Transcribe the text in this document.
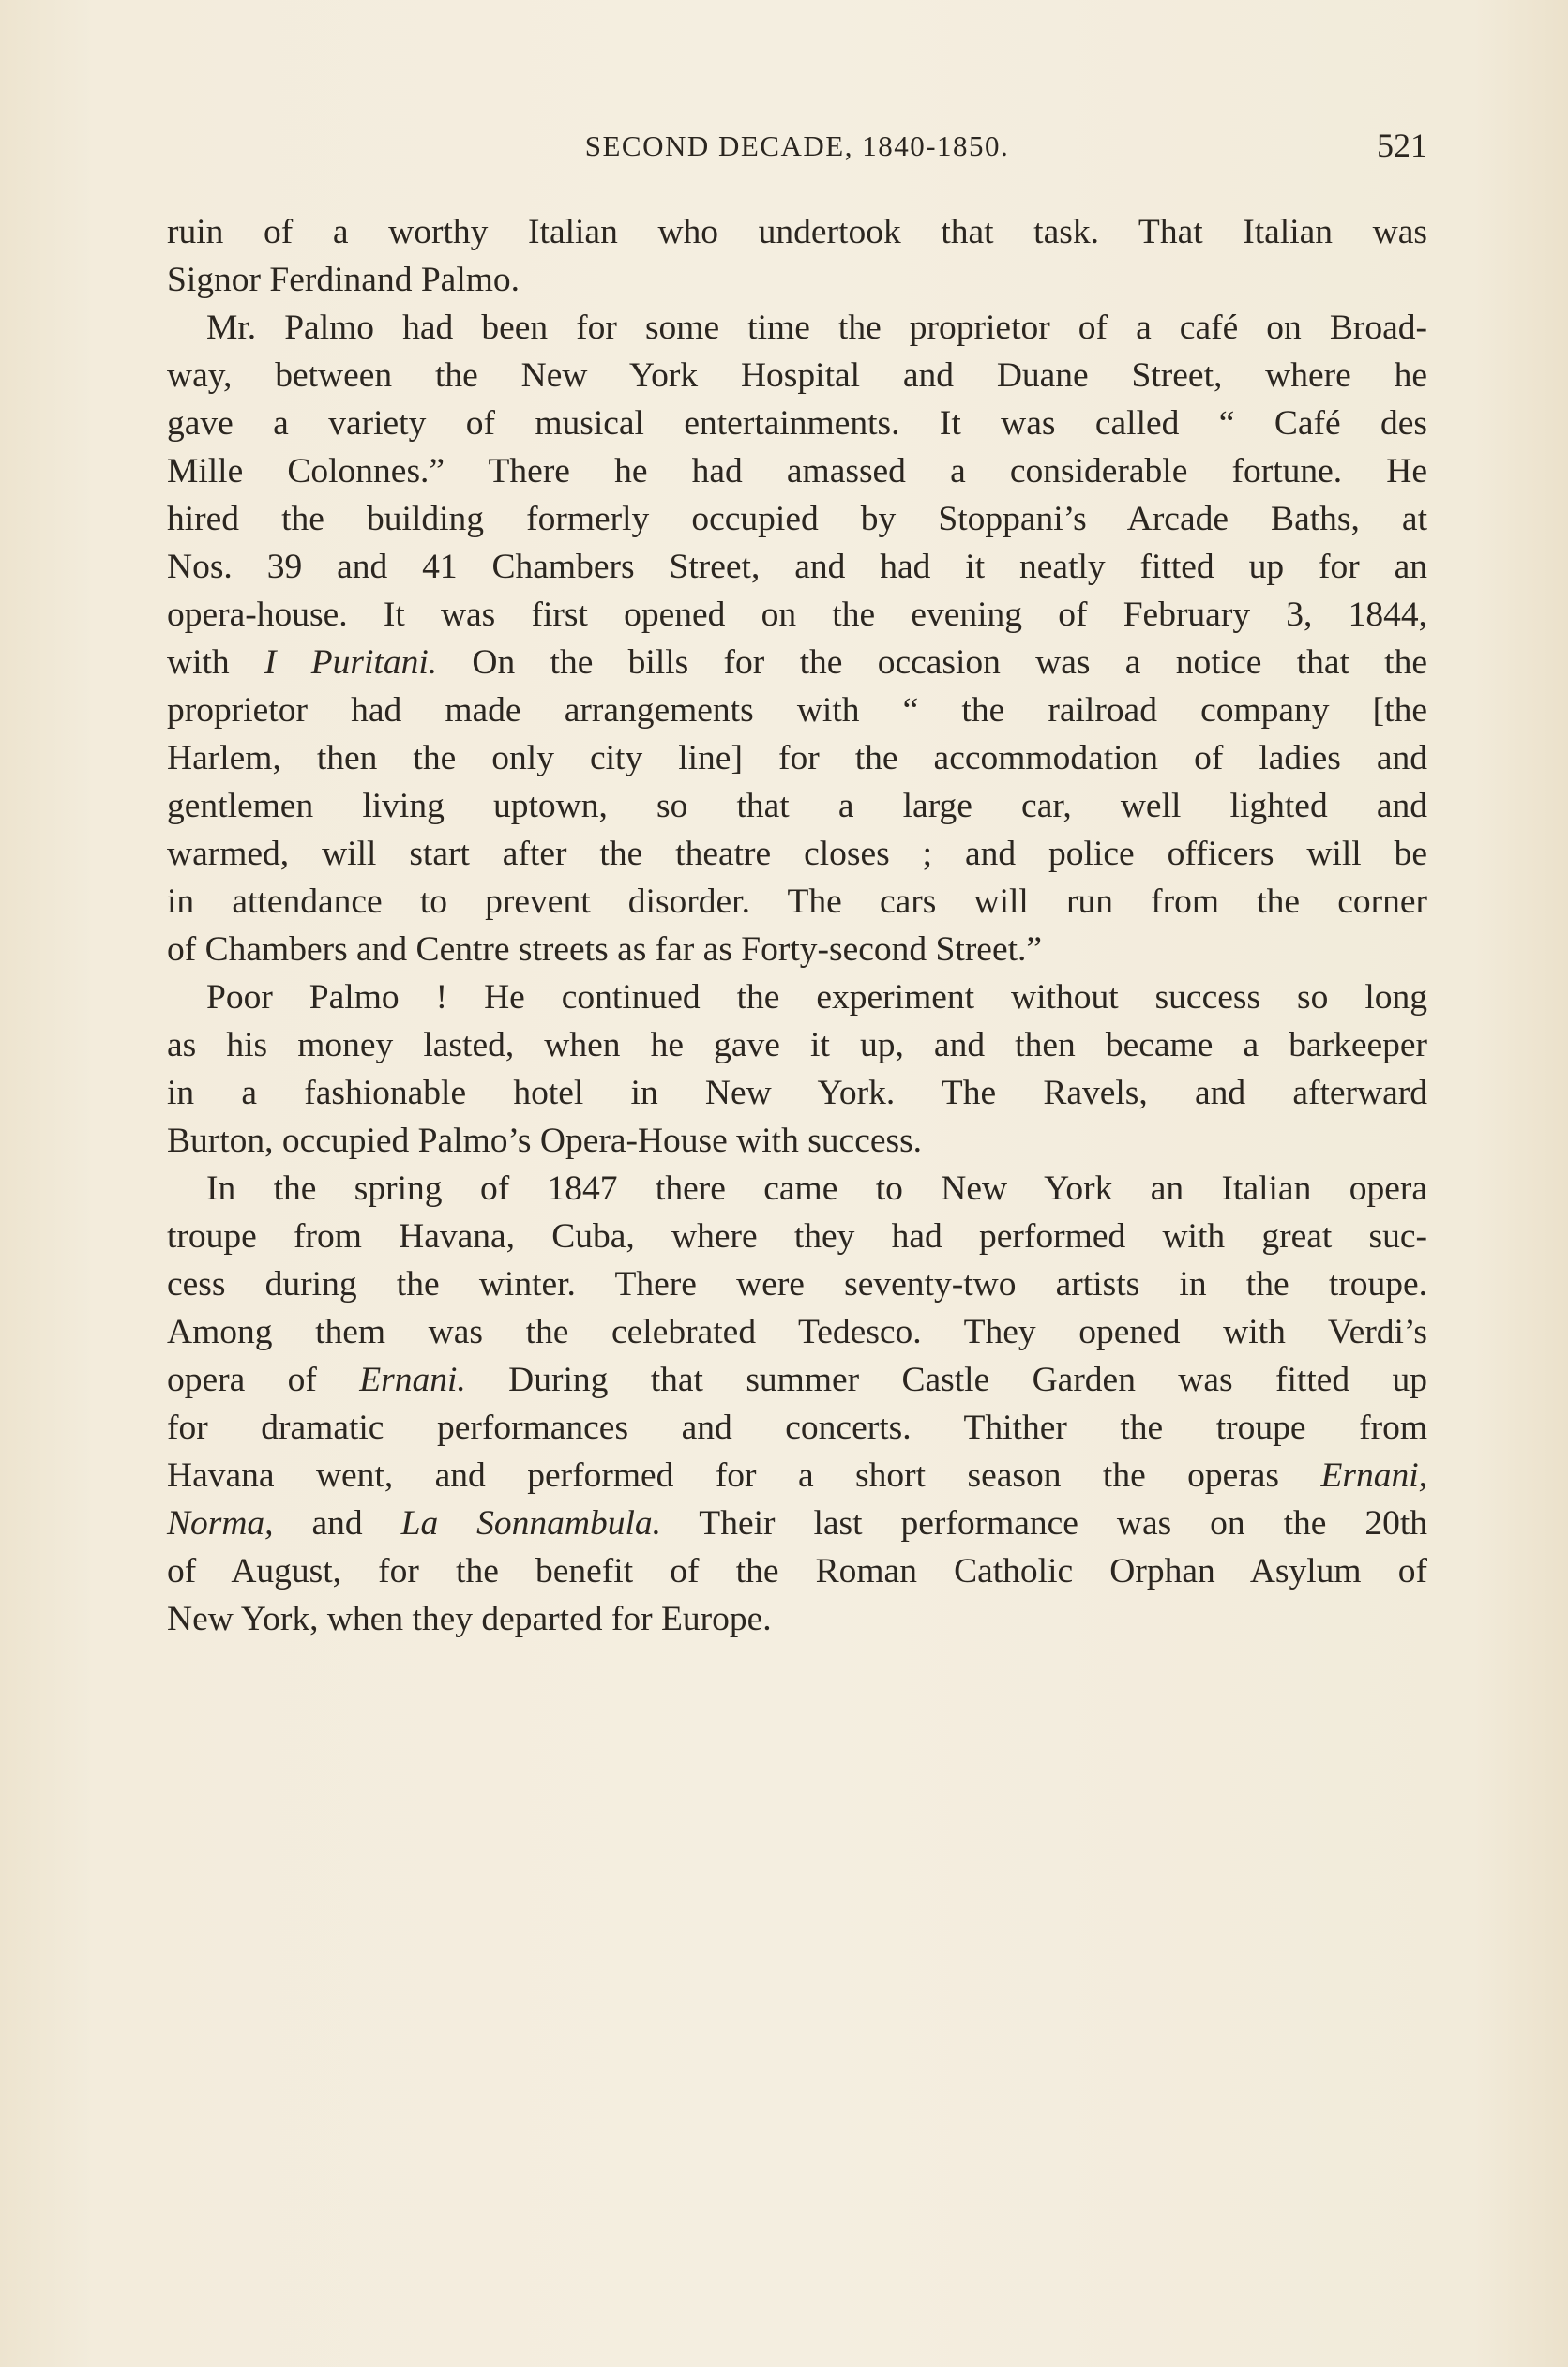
SECOND DECADE, 1840-1850.	521
ruin of a worthy Italian who undertook that task. That Italian was
Signor Ferdinand Palmo.
Mr. Palmo had been for some time the proprietor of a café on Broad-
way, between the New York Hospital and Duane Street, where he
gave a variety of musical entertainments. It was called “ Café des
Mille Colonnes.” There he had amassed a considerable fortune. He
hired the building formerly occupied by Stoppani’s Arcade Baths, at
Nos. 39 and 41 Chambers Street, and had it neatly fitted up for an
opera-house. It was first opened on the evening of February 3, 1844,
with I Puritani. On the bills for the occasion was a notice that the
proprietor had made arrangements with “ the railroad company [the
Harlem, then the only city line] for the accommodation of ladies and
gentlemen living uptown, so that a large car, well lighted and
warmed, will start after the theatre closes ; and police officers will be
in attendance to prevent disorder. The cars will run from the corner
of Chambers and Centre streets as far as Forty-second Street.”
Poor Palmo ! He continued the experiment without success so long
as his money lasted, when he gave it up, and then became a barkeeper
in a fashionable hotel in New York. The Ravels, and afterward
Burton, occupied Palmo’s Opera-House with success.
In the spring of 1847 there came to New York an Italian opera
troupe from Havana, Cuba, where they had performed with great suc-
cess during the winter. There were seventy-two artists in the troupe.
Among them was the celebrated Tedesco. They opened with Verdi’s
opera of Ernani. During that summer Castle Garden was fitted up
for dramatic performances and concerts. Thither the troupe from
Havana went, and performed for a short season the operas Ernani,
Norma, and La Sonnambula. Their last performance was on the 20th
of August, for the benefit of the Roman Catholic Orphan Asylum of
New York, when they departed for Europe.
